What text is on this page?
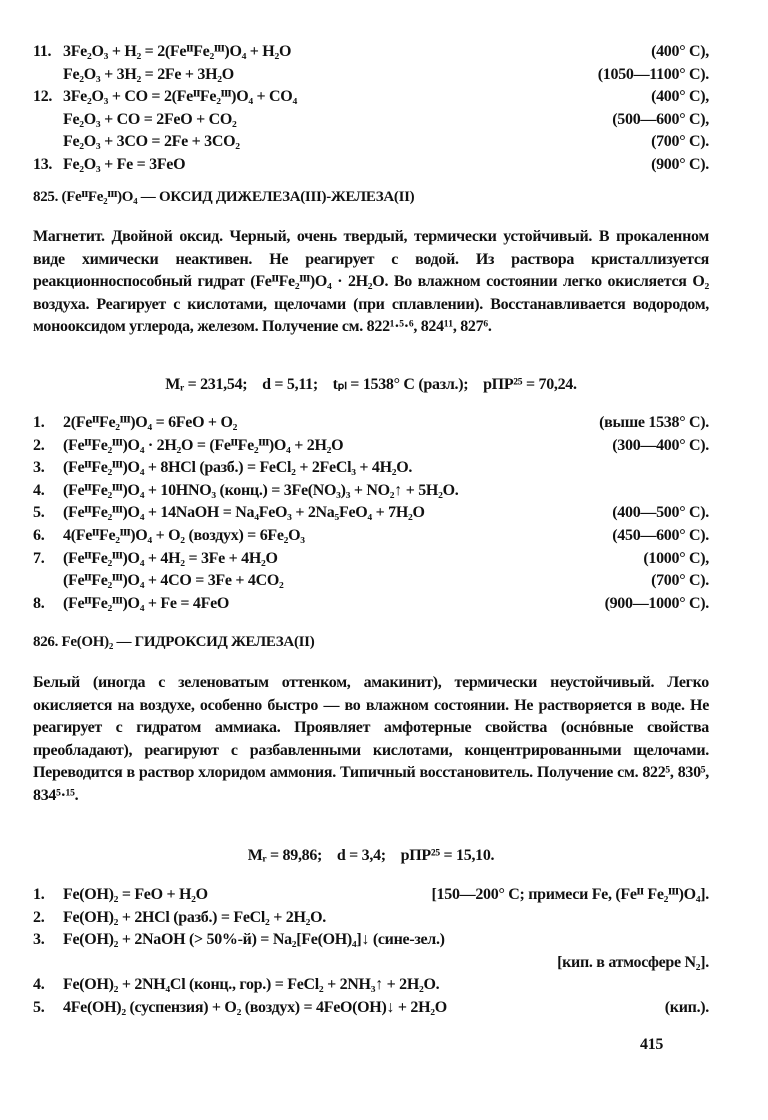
11. 3Fe₂O₃ + H₂ = 2(FeᴵᴵFe₂ᴵᴵᴵ)O₄ + H₂O	(400° C),
Fe₂O₃ + 3H₂ = 2Fe + 3H₂O	(1050—1100° C).
12. 3Fe₂O₃ + CO = 2(FeᴵᴵFe₂ᴵᴵᴵ)O₄ + CO₄	(400° C),
Fe₂O₃ + CO = 2FeO + CO₂	(500—600° C),
Fe₂O₃ + 3CO = 2Fe + 3CO₂	(700° C).
13. Fe₂O₃ + Fe = 3FeO	(900° C).
825. (FeᴵᴵFe₂ᴵᴵᴵ)O₄ — ОКСИД ДИЖЕЛЕЗА(III)-ЖЕЛЕЗА(II)
Магнетит. Двойной оксид. Черный, очень твердый, термически устойчивый. В прокаленном виде химически неактивен. Не реагирует с водой. Из раствора кристаллизуется реакционноспособный гидрат (FeᴵᴵFe₂ᴵᴵᴵ)O₄ · 2H₂O. Во влажном состоянии легко окисляется O₂ воздуха. Реагирует с кислотами, щелочами (при сплавлении). Восстанавливается водородом, монооксидом углерода, железом. Получение см. 822¹·⁵·⁶, 824¹¹, 827⁶.
Mᵣ = 231,54;    d = 5,11;    tₚₗ = 1538° C (разл.);    pПР²⁵ = 70,24.
1.	2(FeᴵᴵFe₂ᴵᴵᴵ)O₄ = 6FeO + O₂	(выше 1538° C).
2.	(FeᴵᴵFe₂ᴵᴵᴵ)O₄ · 2H₂O = (FeᴵᴵFe₂ᴵᴵᴵ)O₄ + 2H₂O	(300—400° C).
3.	(FeᴵᴵFe₂ᴵᴵᴵ)O₄ + 8HCl (разб.) = FeCl₂ + 2FeCl₃ + 4H₂O.
4.	(FeᴵᴵFe₂ᴵᴵᴵ)O₄ + 10HNO₃ (конц.) = 3Fe(NO₃)₃ + NO₂↑ + 5H₂O.
5.	(FeᴵᴵFe₂ᴵᴵᴵ)O₄ + 14NaOH = Na₄FeO₃ + 2Na₅FeO₄ + 7H₂O	(400—500° C).
6.	4(FeᴵᴵFe₂ᴵᴵᴵ)O₄ + O₂ (воздух) = 6Fe₂O₃	(450—600° C).
7.	(FeᴵᴵFe₂ᴵᴵᴵ)O₄ + 4H₂ = 3Fe + 4H₂O	(1000° C),
(FeᴵᴵFe₂ᴵᴵᴵ)O₄ + 4CO = 3Fe + 4CO₂	(700° C).
8.	(FeᴵᴵFe₂ᴵᴵᴵ)O₄ + Fe = 4FeO	(900—1000° C).
826. Fe(OH)₂ — ГИДРОКСИД ЖЕЛЕЗА(II)
Белый (иногда с зеленоватым оттенком, амакинит), термически неустойчивый. Легко окисляется на воздухе, особенно быстро — во влажном состоянии. Не растворяется в воде. Не реагирует с гидратом аммиака. Проявляет амфотерные свойства (оснóвные свойства преобладают), реагируют с разбавленными кислотами, концентрированными щелочами. Переводится в раствор хлоридом аммония. Типичный восстановитель. Получение см. 822⁵, 830⁵, 834⁵·¹⁵.
Mᵣ = 89,86;    d = 3,4;    pПР²⁵ = 15,10.
1.	Fe(OH)₂ = FeO + H₂O	[150—200° C; примеси Fe, (Feᴵᴵ Fe₂ᴵᴵᴵ)O₄].
2.	Fe(OH)₂ + 2HCl (разб.) = FeCl₂ + 2H₂O.
3.	Fe(OH)₂ + 2NaOH (> 50%-й) = Na₂[Fe(OH)₄]↓ (сине-зел.)
[кип. в атмосфере N₂].
4.	Fe(OH)₂ + 2NH₄Cl (конц., гор.) = FeCl₂ + 2NH₃↑ + 2H₂O.
5.	4Fe(OH)₂ (суспензия) + O₂ (воздух) = 4FeO(OH)↓ + 2H₂O	(кип.).
415
